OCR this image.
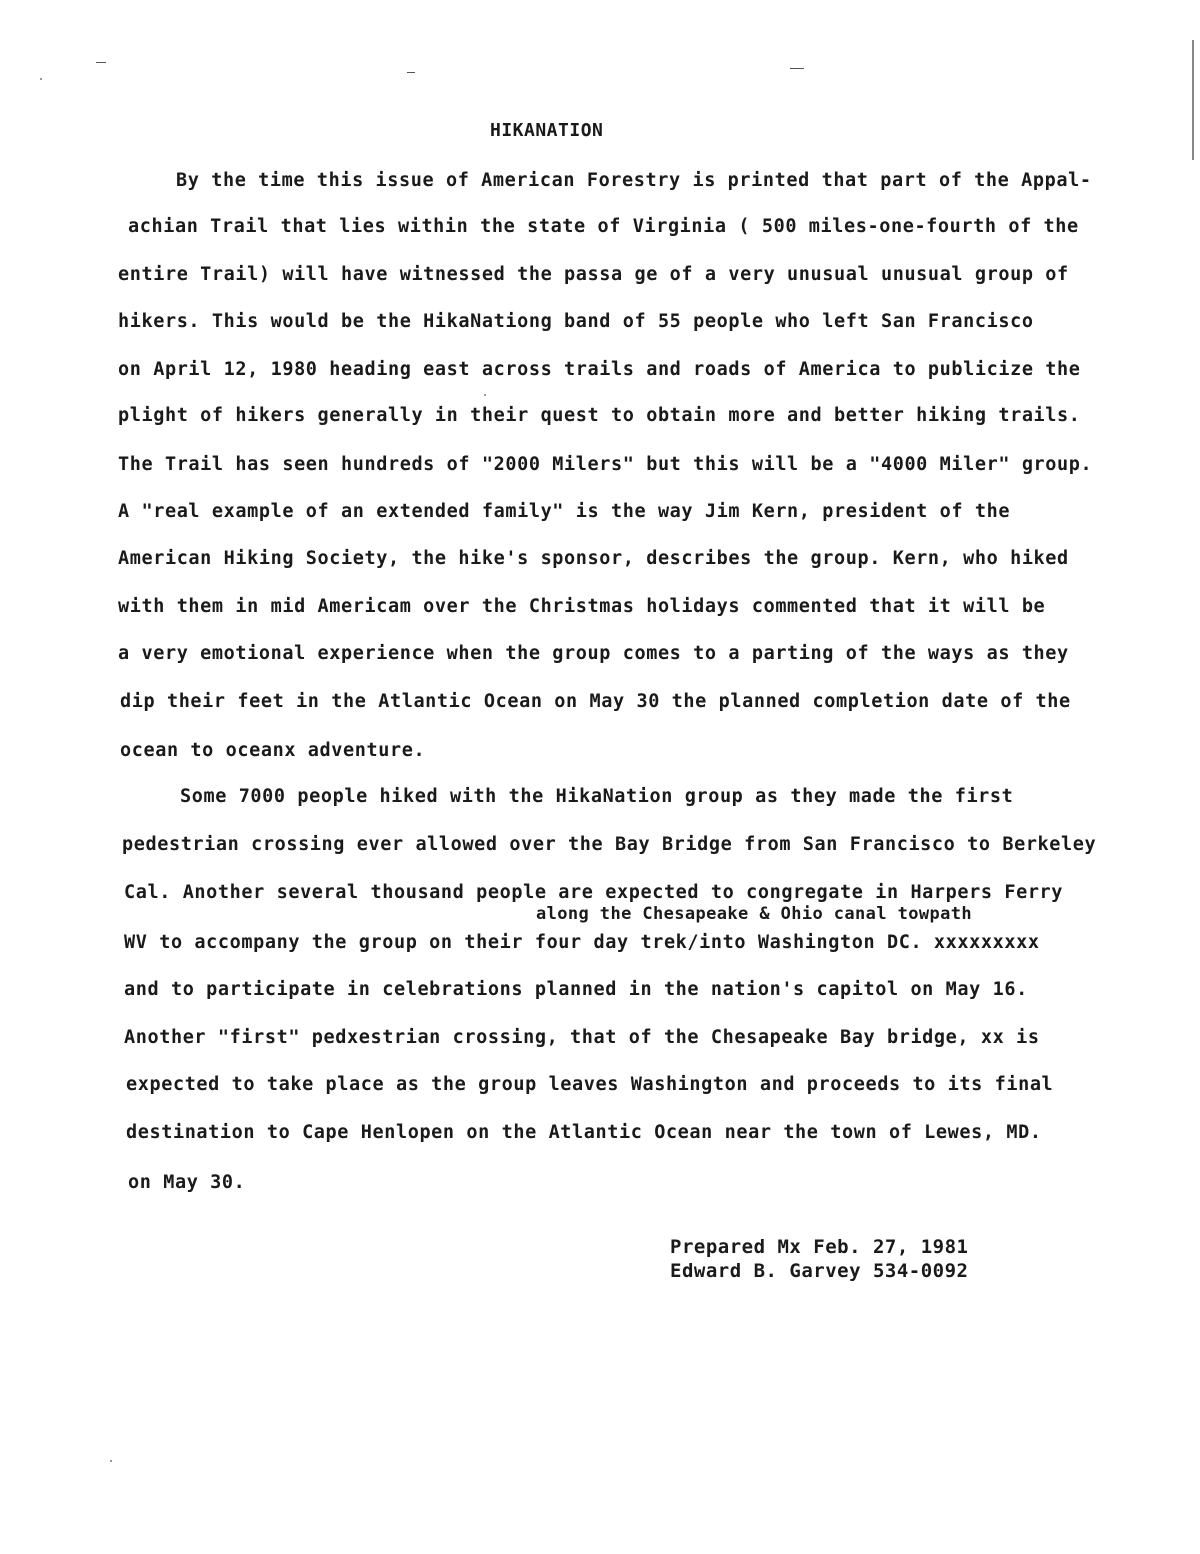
HIKANATION
By the time this issue of American Forestry is printed that part of the Appal-
achian Trail that lies within the state of Virginia ( 500 miles-one-fourth of the
entire Trail) will have witnessed the passa ge of a very unusual unusual group of
hikers. This would be the HikaNationg band of 55 people who left San Francisco
on April 12, 1980 heading east across trails and roads of America to publicize the
plight of hikers generally in their quest to obtain more and better hiking trails.
The Trail has seen hundreds of "2000 Milers" but this will be a "4000 Miler" group.
A "real example of an extended family" is the way Jim Kern, president of the
American Hiking Society, the hike's sponsor, describes the group. Kern, who hiked
with them in mid Americam over the Christmas holidays commented that it will be
a very emotional experience when the group comes to a parting of the ways as they
dip their feet in the Atlantic Ocean on May 30 the planned completion date of the
ocean to oceanx adventure.
Some 7000 people hiked with the HikaNation group as they made the first
pedestrian crossing ever allowed over the Bay Bridge from San Francisco to Berkeley
Cal. Another several thousand people are expected to congregate in Harpers Ferry
along the Chesapeake & Ohio canal towpath
WV to accompany the group on their four day trek/into Washington DC. xxxxxxxxx
and to participate in celebrations planned in the nation's capitol on May 16.
Another "first" pedxestrian crossing, that of the Chesapeake Bay bridge, xx is
expected to take place as the group leaves Washington and proceeds to its final
destination to Cape Henlopen on the Atlantic Ocean near the town of Lewes, MD.
on May 30.
Prepared Mx Feb. 27, 1981
Edward B. Garvey 534-0092
